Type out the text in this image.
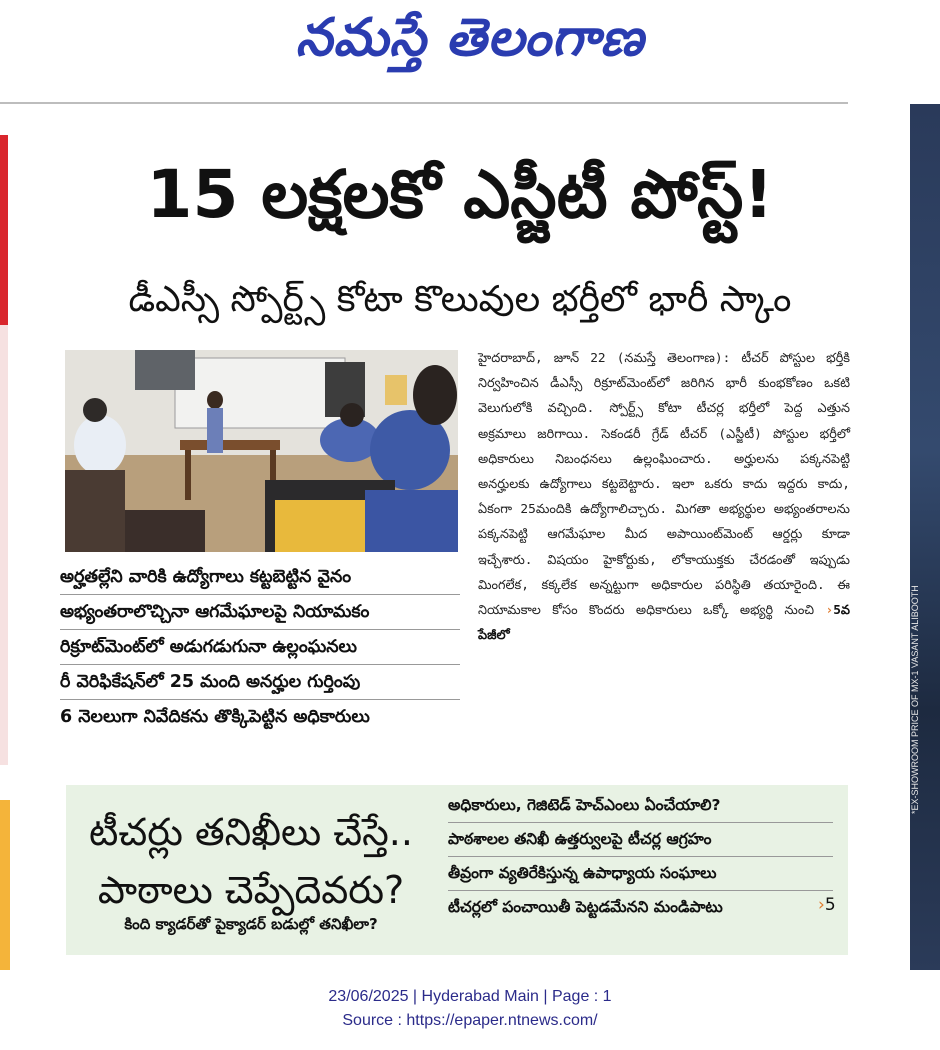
నమస్తే తెలంగాణ
*EX-SHOWROOM PRICE OF MX-1 VASANT ALIBOOTH
15 లక్షలకో ఎస్జీటీ పోస్ట్!
డీఎస్సీ స్పోర్ట్స్ కోటా కొలువుల భర్తీలో భారీ స్కాం
అర్హతల్లేని వారికి ఉద్యోగాలు కట్టబెట్టిన వైనం
అభ్యంతరాలొచ్చినా ఆగమేఘాలపై నియామకం
రిక్రూట్‌మెంట్‌లో అడుగడుగునా ఉల్లంఘనలు
రీ వెరిఫికేషన్‌లో 25 మంది అనర్హుల గుర్తింపు
6 నెలలుగా నివేదికను తొక్కిపెట్టిన అధికారులు
హైదరాబాద్, జూన్ 22 (నమస్తే తెలంగాణ): టీచర్ పోస్టుల భర్తీకి నిర్వహించిన డీఎస్సీ రిక్రూట్‌మెంట్‌లో జరిగిన భారీ కుంభకోణం ఒకటి వెలుగులోకి వచ్చింది. స్పోర్ట్స్ కోటా టీచర్ల భర్తీలో పెద్ద ఎత్తున అక్రమాలు జరిగాయి. సెకండరీ గ్రేడ్ టీచర్ (ఎస్జీటీ) పోస్టుల భర్తీలో అధికారులు నిబంధనలు ఉల్లంఘించారు. అర్హులను పక్కనపెట్టి అనర్హులకు ఉద్యోగాలు కట్టబెట్టారు. ఇలా ఒకరు కాదు ఇద్దరు కాదు, ఏకంగా 25మందికి ఉద్యోగాలిచ్చారు. మిగతా అభ్యర్థుల అభ్యంతరాలను పక్కనపెట్టి ఆగమేఘాల మీద అపాయింట్‌మెంట్ ఆర్డర్లు కూడా ఇచ్చేశారు. విషయం హైకోర్టుకు, లోకాయుక్తకు చేరడంతో ఇప్పుడు మింగలేక, కక్కలేక అన్నట్టుగా అధికారుల పరిస్థితి తయారైంది. ఈ నియామకాల కోసం కొందరు అధికారులు ఒక్కో అభ్యర్థి నుంచి ›5వ పేజీలో
టీచర్లు తనిఖీలు చేస్తే..
పాఠాలు చెప్పేదెవరు?
కింది క్యాడర్‌తో పైక్యాడర్ బడుల్లో తనిఖీలా?
అధికారులు, గెజిటెడ్ హెచ్‌ఎంలు ఏంచేయాలి?
పాఠశాలల తనిఖీ ఉత్తర్వులపై టీచర్ల ఆగ్రహం
తీవ్రంగా వ్యతిరేకిస్తున్న ఉపాధ్యాయ సంఘాలు
టీచర్లలో పంచాయితీ పెట్టడమేనని మండిపాటు	›5
23/06/2025 | Hyderabad Main | Page : 1
Source : https://epaper.ntnews.com/
